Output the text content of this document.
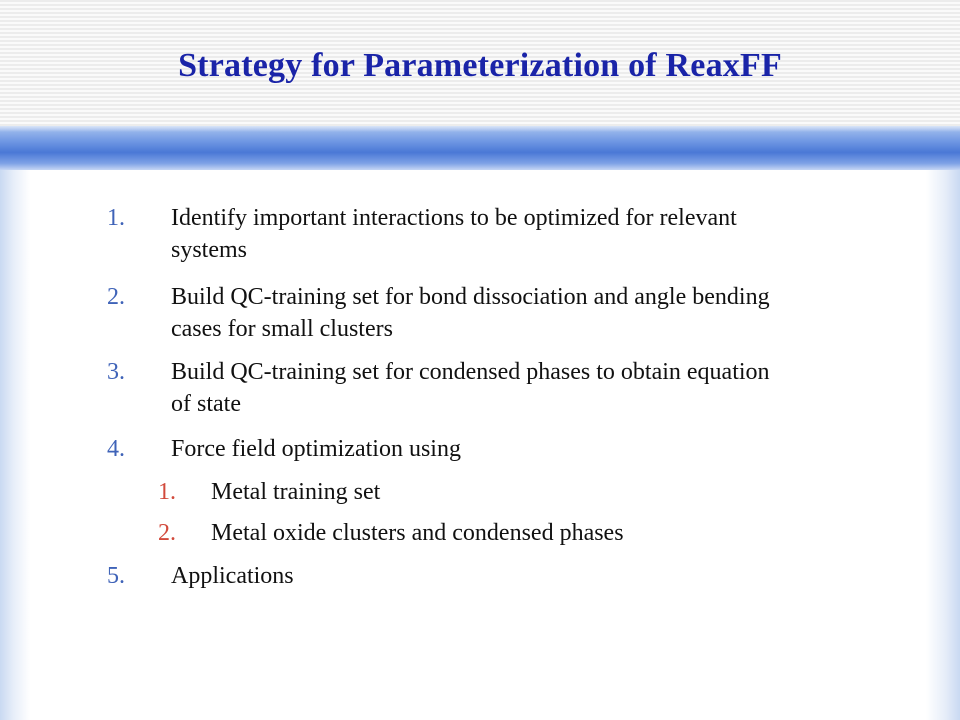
Strategy for Parameterization of ReaxFF
1. Identify important interactions to be optimized for relevant
systems
2. Build QC-training set for bond dissociation and angle bending
cases for small clusters
3. Build QC-training set for condensed phases to obtain equation
of state
4. Force field optimization using
1. Metal training set
2. Metal oxide clusters and condensed phases
5. Applications
